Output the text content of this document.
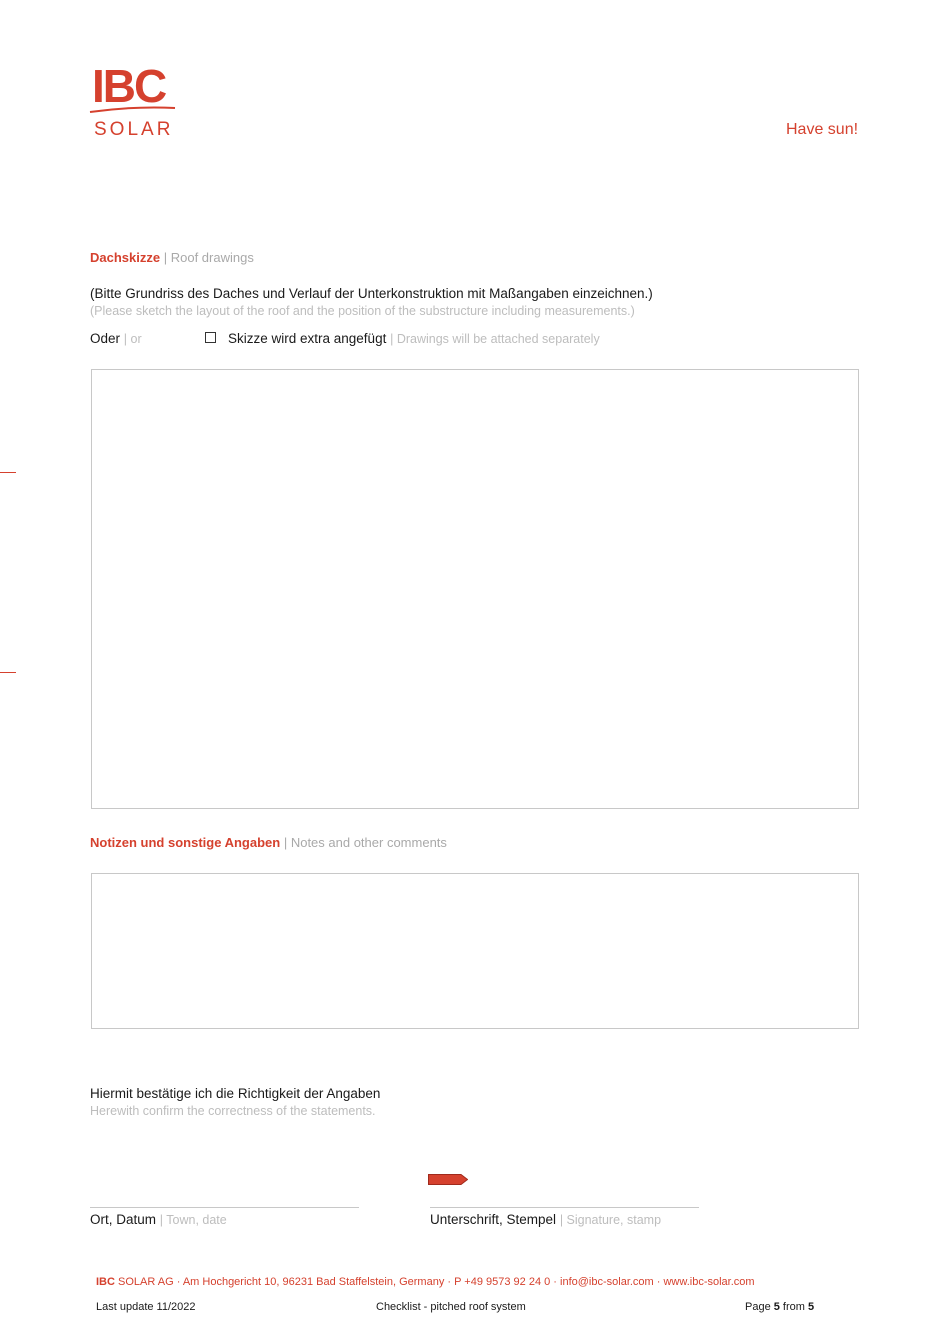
IBC
SOLAR	Have sun!
Dachskizze | Roof drawings
(Bitte Grundriss des Daches und Verlauf der Unterkonstruktion mit Maßangaben einzeichnen.)
(Please sketch the layout of the roof and the position of the substructure including measurements.)
Oder | or	Skizze wird extra angefügt | Drawings will be attached separately
Notizen und sonstige Angaben | Notes and other comments
Hiermit bestätige ich die Richtigkeit der Angaben
Herewith confirm the correctness of the statements.
Ort, Datum | Town, date	Unterschrift, Stempel | Signature, stamp
IBC SOLAR AG · Am Hochgericht 10, 96231 Bad Staffelstein, Germany · P +49 9573 92 24 0 · info@ibc-solar.com · www.ibc-solar.com
Last update 11/2022	Checklist - pitched roof system	Page 5 from 5
